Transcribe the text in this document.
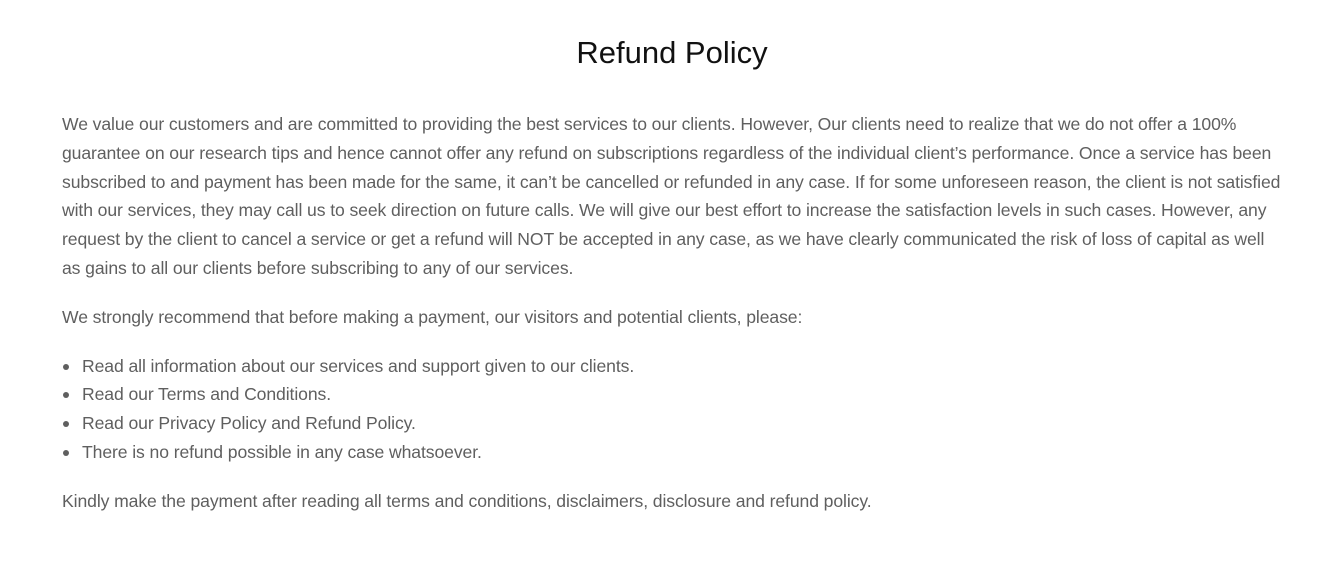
Refund Policy

We value our customers and are committed to providing the best services to our clients. However, Our clients need to realize that we do not offer a 100% guarantee on our research tips and hence cannot offer any refund on subscriptions regardless of the individual client’s performance. Once a service has been subscribed to and payment has been made for the same, it can’t be cancelled or refunded in any case. If for some unforeseen reason, the client is not satisfied with our services, they may call us to seek direction on future calls. We will give our best effort to increase the satisfaction levels in such cases. However, any request by the client to cancel a service or get a refund will NOT be accepted in any case, as we have clearly communicated the risk of loss of capital as well as gains to all our clients before subscribing to any of our services.

We strongly recommend that before making a payment, our visitors and potential clients, please:

Read all information about our services and support given to our clients.
Read our Terms and Conditions.
Read our Privacy Policy and Refund Policy.
There is no refund possible in any case whatsoever.

Kindly make the payment after reading all terms and conditions, disclaimers, disclosure and refund policy.
